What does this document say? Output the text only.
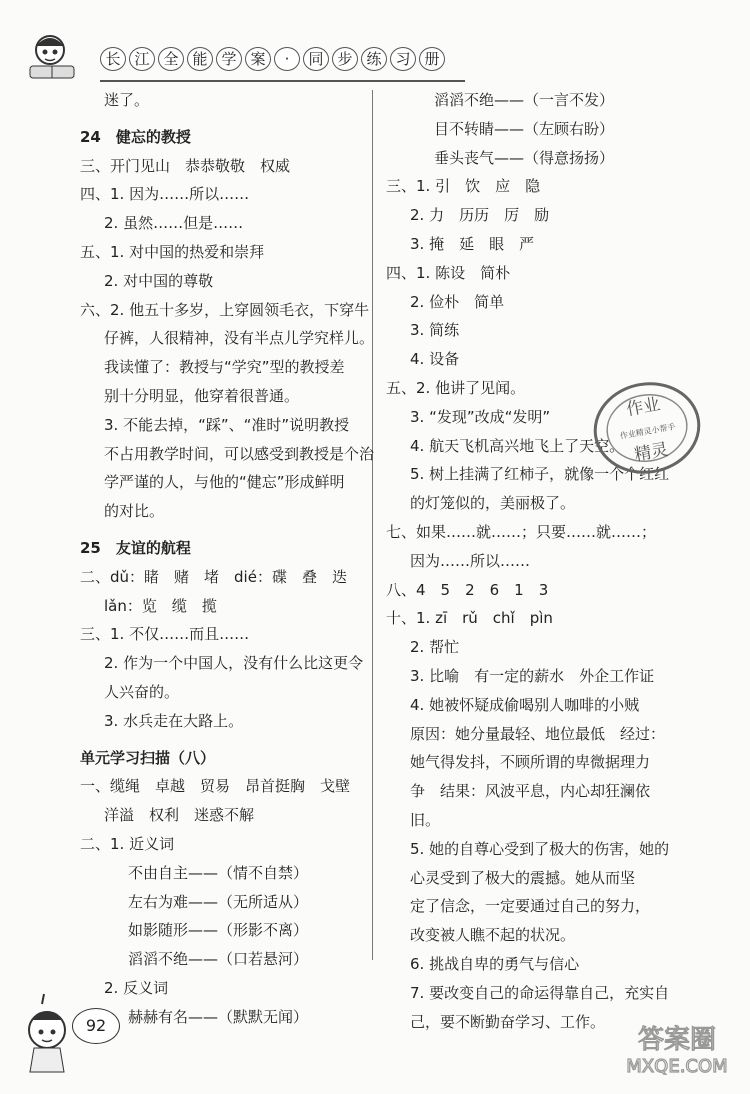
长 江 全 能 学 案	·	同 步 练 习 册
迷了。
24　健忘的教授
三、开门见山　恭恭敬敬　权威
四、1. 因为……所以……
2. 虽然……但是……
五、1. 对中国的热爱和崇拜
2. 对中国的尊敬
六、2. 他五十多岁，上穿圆领毛衣，下穿牛
仔裤，人很精神，没有半点儿学究样儿。
我读懂了：教授与“学究”型的教授差
别十分明显，他穿着很普通。
3. 不能去掉，“踩”、“准时”说明教授
不占用教学时间，可以感受到教授是个治
学严谨的人，与他的“健忘”形成鲜明
的对比。
25　友谊的航程
二、dǔ：睹　赌　堵　dié：碟　叠　迭
lǎn：览　缆　揽
三、1. 不仅……而且……
2. 作为一个中国人，没有什么比这更令
人兴奋的。
3. 水兵走在大路上。
单元学习扫描（八）
一、缆绳　卓越　贸易　昂首挺胸　戈壁
洋溢　权利　迷惑不解
二、1. 近义词
不由自主——（情不自禁）
左右为难——（无所适从）
如影随形——（形影不离）
滔滔不绝——（口若悬河）
2. 反义词
赫赫有名——（默默无闻）
滔滔不绝——（一言不发）
目不转睛——（左顾右盼）
垂头丧气——（得意扬扬）
三、1. 引　饮　应　隐
2. 力　历历　厉　励
3. 掩　延　眼　严
四、1. 陈设　简朴
2. 俭朴　简单
3. 简练
4. 设备
五、2. 他讲了见闻。
3. “发现”改成“发明”
4. 航天飞机高兴地飞上了天空。
5. 树上挂满了红柿子，就像一个个红红
的灯笼似的，美丽极了。
七、如果……就……；只要……就……；
因为……所以……
八、4　5　2　6　1　3
十、1. zī　rǔ　chǐ　pìn
2. 帮忙
3. 比喻　有一定的薪水　外企工作证
4. 她被怀疑成偷喝别人咖啡的小贼
原因：她分量最轻、地位最低　经过：
她气得发抖，不顾所谓的卑微据理力
争　结果：风波平息，内心却狂澜依
旧。
5. 她的自尊心受到了极大的伤害，她的
心灵受到了极大的震撼。她从而坚
定了信念，一定要通过自己的努力，
改变被人瞧不起的状况。
6. 挑战自卑的勇气与信心
7. 要改变自己的命运得靠自己，充实自
己，要不断勤奋学习、工作。
作业
作业精灵小帮手
精灵
92	答案圈
MXQE.COM
